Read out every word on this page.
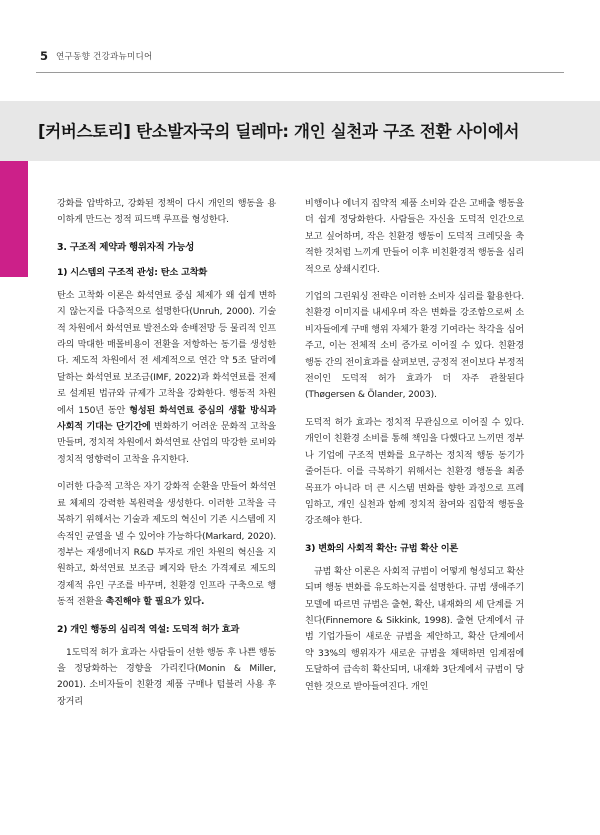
5 연구동향 건강과뉴미디어
[커버스토리] 탄소발자국의 딜레마: 개인 실천과 구조 전환 사이에서

강화를 압박하고, 강화된 정책이 다시 개인의 행동을 용이하게 만드는 정적 피드백 루프를 형성한다.

3. 구조적 제약과 행위자적 가능성
1) 시스템의 구조적 관성: 탄소 고착화

탄소 고착화 이론은 화석연료 중심 체제가 왜 쉽게 변하지 않는지를 다층적으로 설명한다(Unruh, 2000). 기술적 차원에서 화석연료 발전소와 송배전망 등 물리적 인프라의 막대한 매몰비용이 전환을 저항하는 동기를 생성한다. 제도적 차원에서 전 세계적으로 연간 약 5조 달러에 달하는 화석연료 보조금(IMF, 2022)과 화석연료를 전제로 설계된 법규와 규제가 고착을 강화한다. 행동적 차원에서 150년 동안 형성된 화석연료 중심의 생활 방식과 사회적 기대는 단기간에 변화하기 어려운 문화적 고착을 만들며, 정치적 차원에서 화석연료 산업의 막강한 로비와 정치적 영향력이 고착을 유지한다.

이러한 다층적 고착은 자기 강화적 순환을 만들어 화석연료 체제의 강력한 복원력을 생성한다. 이러한 고착을 극복하기 위해서는 기술과 제도의 혁신이 기존 시스템에 지속적인 균열을 낼 수 있어야 가능하다(Markard, 2020). 정부는 재생에너지 R&D 투자로 개인 차원의 혁신을 지원하고, 화석연료 보조금 폐지와 탄소 가격제로 제도의 경제적 유인 구조를 바꾸며, 친환경 인프라 구축으로 행동적 전환을 촉진해야 할 필요가 있다.

2) 개인 행동의 심리적 역설: 도덕적 허가 효과

1도덕적 허가 효과는 사람들이 선한 행동 후 나쁜 행동을 정당화하는 경향을 가리킨다(Monin & Miller, 2001). 소비자들이 친환경 제품 구매나 텀블러 사용 후 장거리

비행이나 에너지 집약적 제품 소비와 같은 고배출 행동을 더 쉽게 정당화한다. 사람들은 자신을 도덕적 인간으로 보고 싶어하며, 작은 친환경 행동이 도덕적 크레딧을 축적한 것처럼 느끼게 만들어 이후 비친환경적 행동을 심리적으로 상쇄시킨다.

기업의 그린워싱 전략은 이러한 소비자 심리를 활용한다. 친환경 이미지를 내세우며 작은 변화를 강조함으로써 소비자들에게 구매 행위 자체가 환경 기여라는 착각을 심어주고, 이는 전체적 소비 증가로 이어질 수 있다. 친환경 행동 간의 전이효과를 살펴보면, 긍정적 전이보다 부정적 전이인 도덕적 허가 효과가 더 자주 관찰된다(Thøgersen & Ölander, 2003).

도덕적 허가 효과는 정치적 무관심으로 이어질 수 있다. 개인이 친환경 소비를 통해 책임을 다했다고 느끼면 정부나 기업에 구조적 변화를 요구하는 정치적 행동 동기가 줄어든다. 이를 극복하기 위해서는 친환경 행동을 최종 목표가 아니라 더 큰 시스템 변화를 향한 과정으로 프레임하고, 개인 실천과 함께 정치적 참여와 집합적 행동을 강조해야 한다.

3) 변화의 사회적 확산: 규범 확산 이론

규범 확산 이론은 사회적 규범이 어떻게 형성되고 확산되며 행동 변화를 유도하는지를 설명한다. 규범 생애주기 모델에 따르면 규범은 출현, 확산, 내재화의 세 단계를 거친다(Finnemore & Sikkink, 1998). 출현 단계에서 규범 기업가들이 새로운 규범을 제안하고, 확산 단계에서 약 33%의 행위자가 새로운 규범을 채택하면 임계점에 도달하여 급속히 확산되며, 내재화 3단계에서 규범이 당연한 것으로 받아들여진다. 개인
